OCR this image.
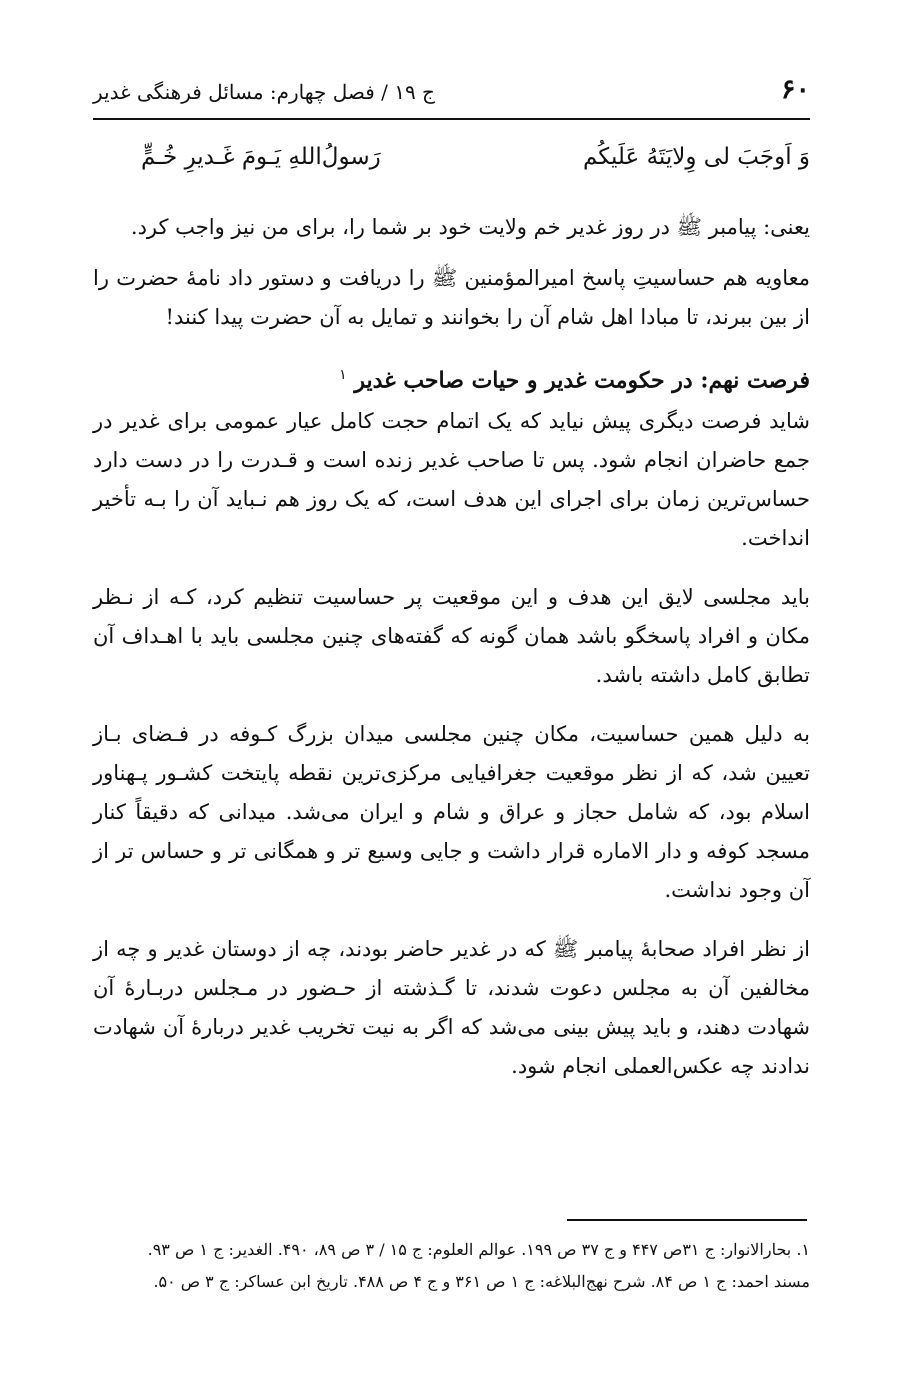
۶۰
ج ۱۹ / فصل چهارم: مسائل فرهنگی غدیر
وَ اَوجَبَ لی وِلایَتَهُ عَلَیکُم
رَسولُ‌اللهِ یَـومَ غَـدیرِ خُـمٍّ

یعنی: پیامبر ﷺ در روز غدیر خم ولایت خود بر شما را، برای من نیز واجب کرد.

معاویه هم حساسیتِ پاسخ امیرالمؤمنین ﷺ را دریافت و دستور داد نامهٔ حضرت را از بین ببرند، تا مبادا اهل شام آن را بخوانند و تمایل به آن حضرت پیدا کنند!

فرصت نهم: در حکومت غدیر و حیات صاحب غدیر $^۱$

شاید فرصت دیگری پیش نیاید که یک اتمام حجت کامل عیار عمومی برای غدیر در جمع حاضران انجام شود. پس تا صاحب غدیر زنده است و قـدرت را در دست دارد حساس‌ترین زمان برای اجرای این هدف است، که یک روز هم نـباید آن را بـه تأخیر انداخت.

باید مجلسی لایق این هدف و این موقعیت پر حساسیت تنظیم کرد، کـه از نـظر مکان و افراد پاسخگو باشد همان گونه که گفته‌های چنین مجلسی باید با اهـداف آن تطابق کامل داشته باشد.

به دلیل همین حساسیت، مکان چنین مجلسی میدان بزرگ کـوفه در فـضای بـاز تعیین شد، که از نظر موقعیت جغرافیایی مرکزی‌ترین نقطه پایتخت کشـور پـهناور اسلام بود، که شامل حجاز و عراق و شام و ایران می‌شد. میدانی که دقیقاً کنار مسجد کوفه و دار الاماره قرار داشت و جایی وسیع تر و همگانی تر و حساس تر از آن وجود نداشت.

از نظر افراد صحابهٔ پیامبر ﷺ که در غدیر حاضر بودند، چه از دوستان غدیر و چه از مخالفین آن به مجلس دعوت شدند، تا گـذشته از حـضور در مـجلس دربـارهٔ آن شهادت دهند، و باید پیش بینی می‌شد که اگر به نیت تخریب غدیر دربارهٔ آن شهادت ندادند چه عکس‌العملی انجام شود.

۱. بحارالانوار: ج ۳۱ص ۴۴۷ و ج ۳۷ ص ۱۹۹. عوالم العلوم: ج ۱۵ / ۳ ص ۸۹، ۴۹۰. الغدیر: ج ۱ ص ۹۳.

مسند احمد: ج ۱ ص ۸۴. شرح نهج‌البلاغه: ج ۱ ص ۳۶۱ و ج ۴ ص ۴۸۸. تاریخ ابن عساکر: ج ۳ ص ۵۰.
